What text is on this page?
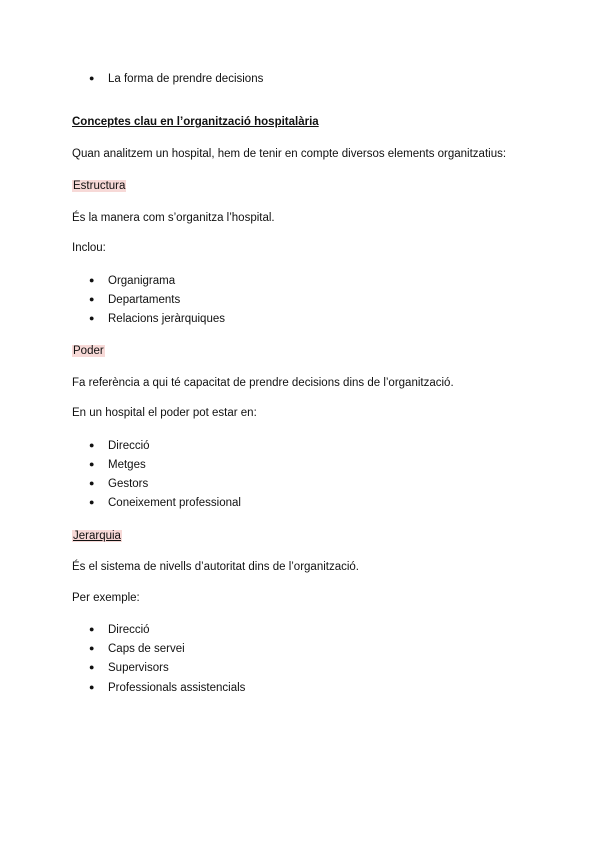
● La forma de prendre decisions
Conceptes clau en l’organització hospitalària
Quan analitzem un hospital, hem de tenir en compte diversos elements organitzatius:
Estructura
És la manera com s’organitza l’hospital.
Inclou:
● Organigrama
● Departaments
● Relacions jeràrquiques
Poder
Fa referència a qui té capacitat de prendre decisions dins de l’organització.
En un hospital el poder pot estar en:
● Direcció
● Metges
● Gestors
● Coneixement professional
Jerarquia
És el sistema de nivells d’autoritat dins de l’organització.
Per exemple:
● Direcció
● Caps de servei
● Supervisors
● Professionals assistencials
